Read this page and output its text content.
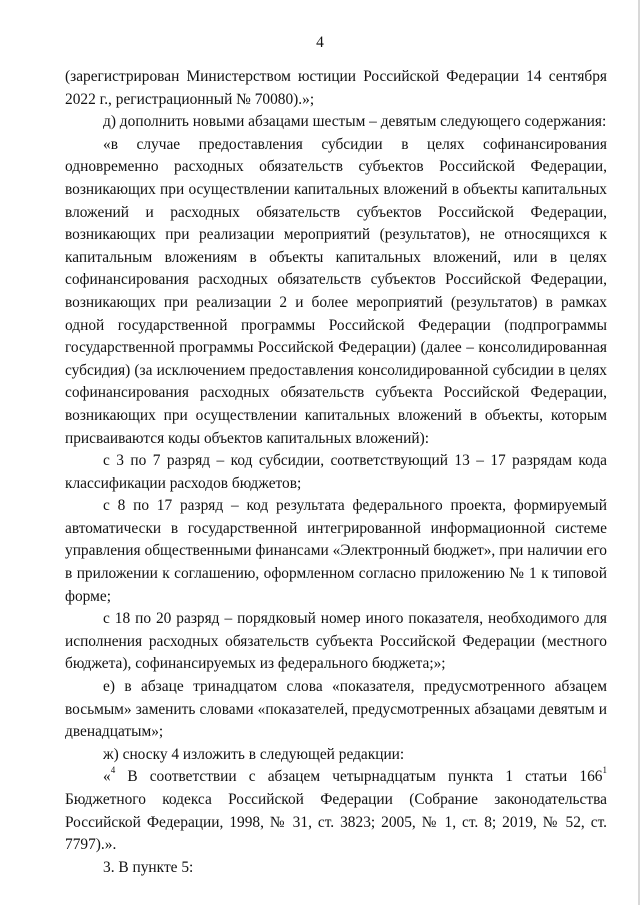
4

(зарегистрирован Министерством юстиции Российской Федерации 14 сентября 2022 г., регистрационный № 70080).»;

д) дополнить новыми абзацами шестым – девятым следующего содержания:

«в случае предоставления субсидии в целях софинансирования одновременно расходных обязательств субъектов Российской Федерации, возникающих при осуществлении капитальных вложений в объекты капитальных вложений и расходных обязательств субъектов Российской Федерации, возникающих при реализации мероприятий (результатов), не относящихся к капитальным вложениям в объекты капитальных вложений, или в целях софинансирования расходных обязательств субъектов Российской Федерации, возникающих при реализации 2 и более мероприятий (результатов) в рамках одной государственной программы Российской Федерации (подпрограммы государственной программы Российской Федерации) (далее – консолидированная субсидия) (за исключением предоставления консолидированной субсидии в целях софинансирования расходных обязательств субъекта Российской Федерации, возникающих при осуществлении капитальных вложений в объекты, которым присваиваются коды объектов капитальных вложений):

с 3 по 7 разряд – код субсидии, соответствующий 13 – 17 разрядам кода классификации расходов бюджетов;

с 8 по 17 разряд – код результата федерального проекта, формируемый автоматически в государственной интегрированной информационной системе управления общественными финансами «Электронный бюджет», при наличии его в приложении к соглашению, оформленном согласно приложению № 1 к типовой форме;

с 18 по 20 разряд – порядковый номер иного показателя, необходимого для исполнения расходных обязательств субъекта Российской Федерации (местного бюджета), софинансируемых из федерального бюджета;»;

е) в абзаце тринадцатом слова «показателя, предусмотренного абзацем восьмым» заменить словами «показателей, предусмотренных абзацами девятым и двенадцатым»;

ж) сноску 4 изложить в следующей редакции:

«$^4$ В соответствии с абзацем четырнадцатым пункта 1 статьи $166^1$ Бюджетного кодекса Российской Федерации (Собрание законодательства Российской Федерации, 1998, № 31, ст. 3823; 2005, № 1, ст. 8; 2019, № 52, ст. 7797).».

3. В пункте 5:
